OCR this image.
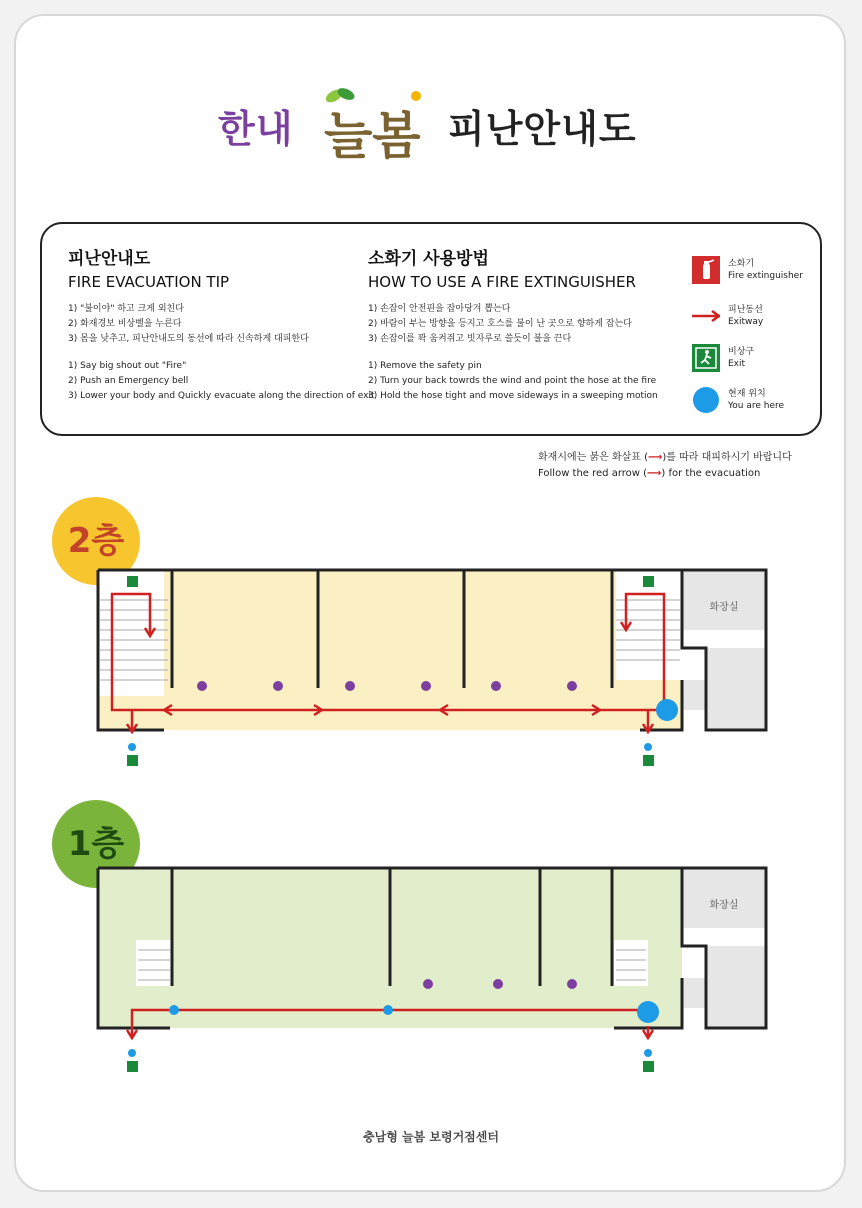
한내 늘봄 피난안내도
피난안내도
FIRE EVACUATION TIP
1) "불이야" 하고 크게 외친다
2) 화재경보 비상벨을 누른다
3) 몸을 낮추고, 피난안내도의 동선에 따라 신속하게 대피한다
1) Say big shout out "Fire"
2) Push an Emergency bell
3) Lower your body and Quickly evacuate along the direction of exit
소화기 사용방법
HOW TO USE A FIRE EXTINGUISHER
1) 손잡이 안전핀을 잡아당겨 뽑는다
2) 바람이 부는 방향을 등지고 호스를 불이 난 곳으로 향하게 잡는다
3) 손잡이를 꽉 움켜쥐고 빗자루로 쓸듯이 불을 끈다
1) Remove the safety pin
2) Turn your back towrds the wind and point the hose at the fire
3) Hold the hose tight and move sideways in a sweeping motion
소화기
Fire extinguisher
피난동선
Exitway
비상구
Exit
현재 위치
You are here
화재시에는 붉은 화살표 (⟶)를 따라 대피하시기 바랍니다
Follow the red arrow (⟶) for the evacuation
2층
화장실
1층
화장실
충남형 늘봄 보령거점센터
